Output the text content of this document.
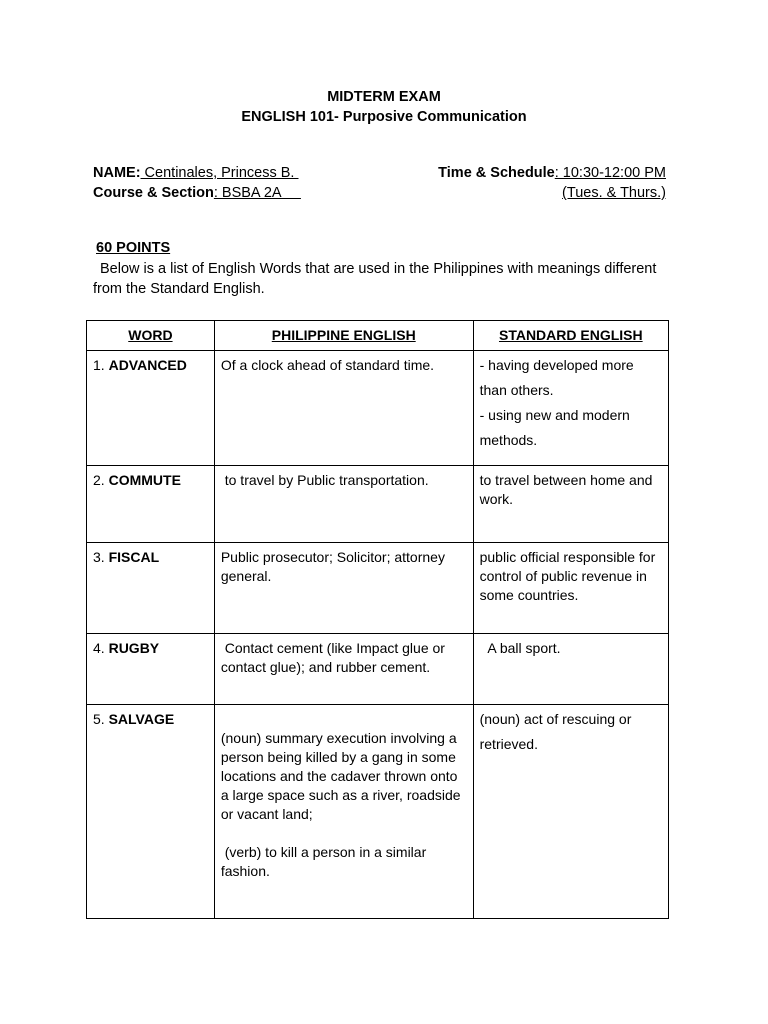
MIDTERM EXAM
ENGLISH 101- Purposive Communication
NAME: Centinales, Princess B.
Course & Section: BSBA 2A
Time & Schedule: 10:30-12:00 PM
(Tues. & Thurs.)
60 POINTS
Below is a list of English Words that are used in the Philippines with meanings different from the Standard English.
WORD	PHILIPPINE ENGLISH	STANDARD ENGLISH
1. ADVANCED	Of a clock ahead of standard time.	- having developed more than others.

- using new and modern methods.

2. COMMUTE	to travel by Public transportation.	to travel between home and work.
3. FISCAL	Public prosecutor; Solicitor; attorney general.	public official responsible for control of public revenue in some countries.
4. RUGBY	Contact cement (like Impact glue or contact glue); and rubber cement.	A ball sport.
5. SALVAGE	(noun) summary execution involving a person being killed by a gang in some locations and the cadaver thrown onto a large space such as a river, roadside or vacant land;
(verb) to kill a person in a similar fashion.	(noun) act of rescuing or retrieved.
